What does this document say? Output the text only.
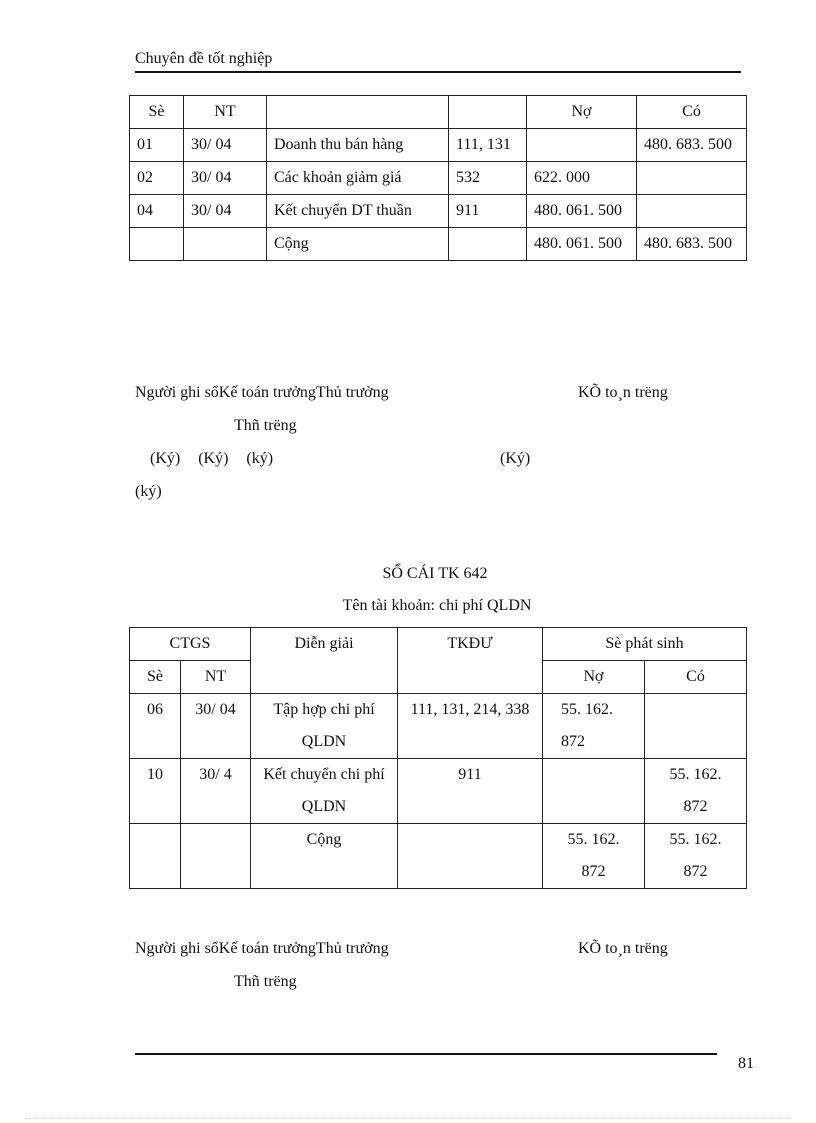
Chuyên đề tốt nghiệp
Sè	NT			Nợ	Có
01	30/ 04	Doanh thu bán hàng	111, 131		480. 683. 500
02	30/ 04	Các khoản giảm giá	532	622. 000	
04	30/ 04	Kết chuyển DT thuần	911	480. 061. 500	
		Cộng		480. 061. 500	480. 683. 500
Người ghi sổKế toán trưởngThủ trưởng	KÕ to¸n trëng
Thñ trëng
(Ký) (Ký) (ký)	(Ký)
(ký)
SỔ CÁI TK 642
Tên tài khoản: chi phí QLDN
CTGS		Diễn giải	TKĐƯ	Sè phát sinh	
Sè	NT			Nợ	Có
06	30/ 04	Tập hợp chi phí QLDN	111, 131, 214, 338	55. 162. 872	
10	30/ 4	Kết chuyển chi phí QLDN	911		55. 162. 872
		Cộng		55. 162. 872	55. 162. 872
Người ghi sổKế toán trưởngThủ trưởng	KÕ to¸n trëng
Thñ trëng
81
